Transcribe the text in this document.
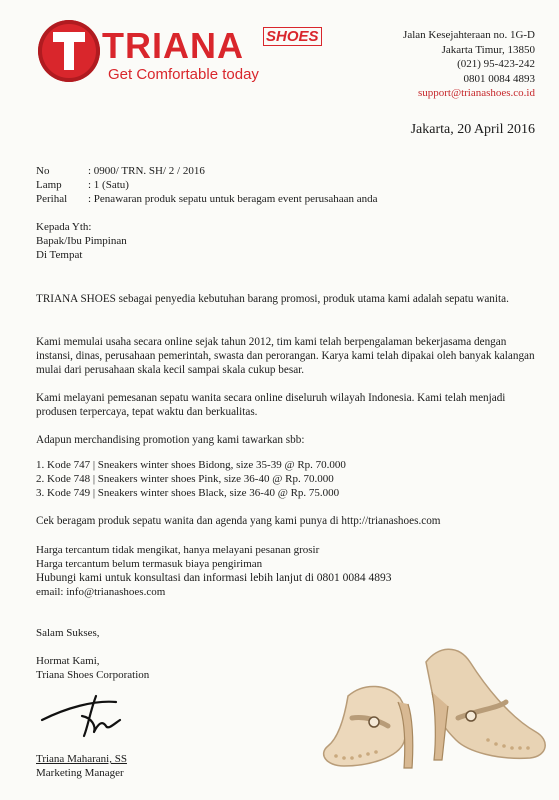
TRIANA SHOES
Get Comfortable today
Jalan Kesejahteraan no. 1G-D
Jakarta Timur, 13850
(021) 95-423-242
0801 0084 4893
support@trianashoes.co.id
Jakarta, 20 April 2016
No	: 0900/ TRN. SH/ 2 / 2016
Lamp	: 1 (Satu)
Perihal	: Penawaran produk sepatu untuk beragam event perusahaan anda
Kepada Yth:
Bapak/Ibu Pimpinan
Di Tempat
TRIANA SHOES sebagai penyedia kebutuhan barang promosi, produk utama kami adalah sepatu wanita.
Kami memulai usaha secara online sejak tahun 2012, tim kami telah berpengalaman bekerjasama dengan instansi, dinas, perusahaan pemerintah, swasta dan perorangan. Karya kami telah dipakai oleh banyak kalangan mulai dari perusahaan skala kecil sampai skala cukup besar.
Kami melayani pemesanan sepatu wanita secara online diseluruh wilayah Indonesia. Kami telah menjadi produsen terpercaya, tepat waktu dan berkualitas.
Adapun merchandising promotion yang kami tawarkan sbb:
1. Kode 747 | Sneakers winter shoes Bidong, size 35-39 @ Rp. 70.000
2. Kode 748 | Sneakers winter shoes Pink, size 36-40 @ Rp. 70.000
3. Kode 749 | Sneakers winter shoes Black, size 36-40 @ Rp. 75.000
Cek beragam produk sepatu wanita dan agenda yang kami punya di http://trianashoes.com
Harga tercantum tidak mengikat, hanya melayani pesanan grosir
Harga tercantum belum termasuk biaya pengiriman
Hubungi kami untuk konsultasi dan informasi lebih lanjut di 0801 0084 4893
email: info@trianashoes.com
Salam Sukses,
Hormat Kami,
Triana Shoes Corporation
Triana Maharani, SS
Marketing Manager
